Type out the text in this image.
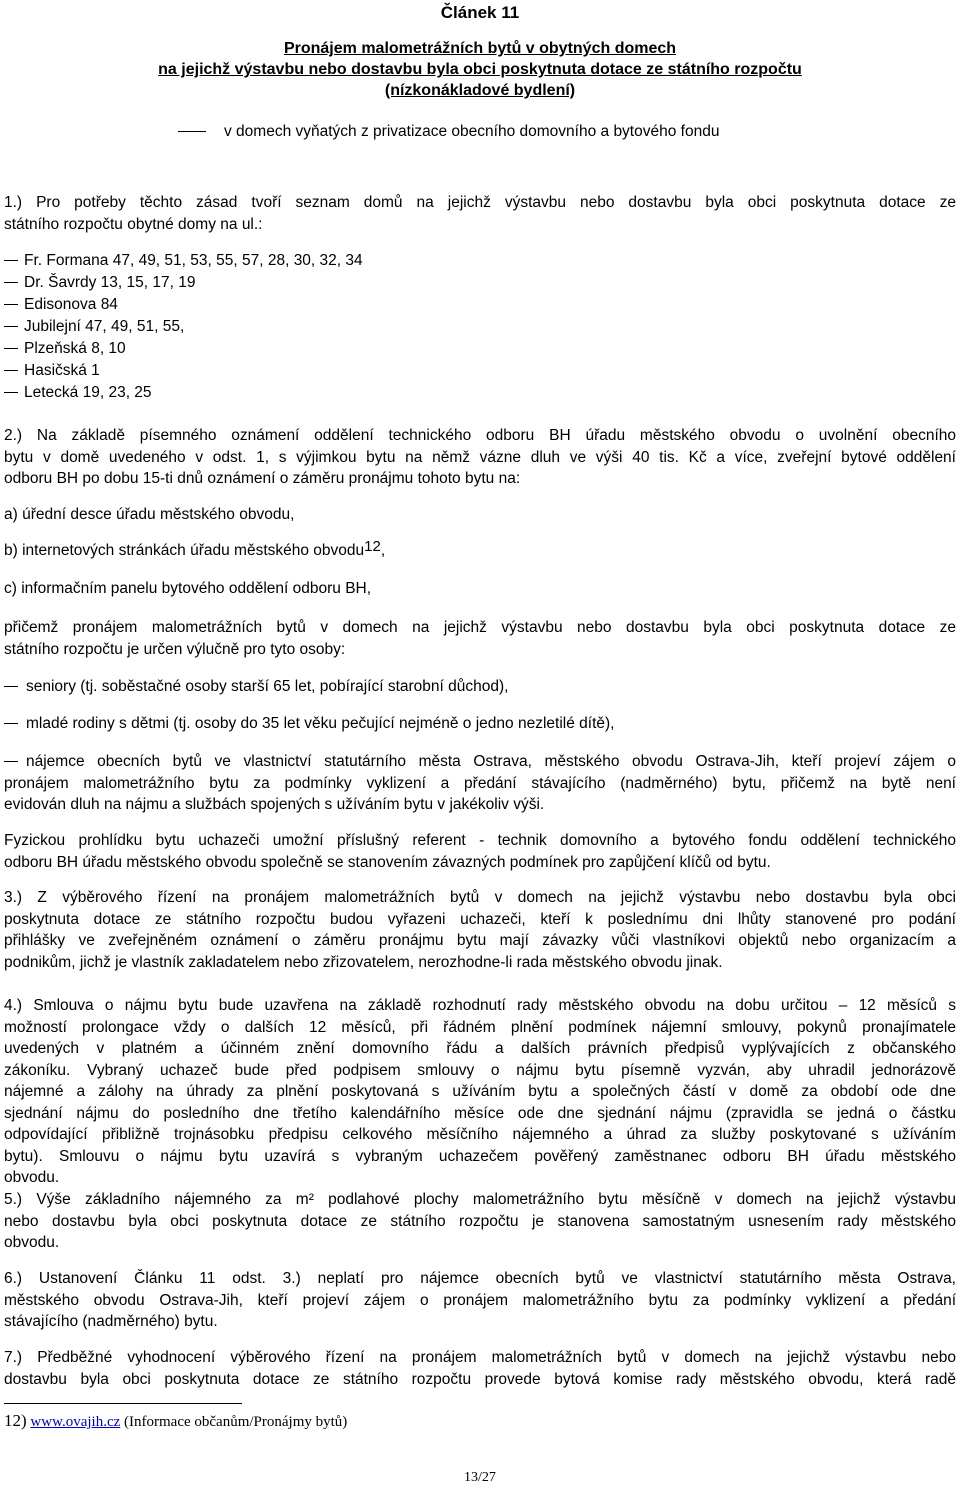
Článek 11
Pronájem malometrážních bytů v obytných domech
na jejichž výstavbu nebo dostavbu byla obci poskytnuta dotace ze státního rozpočtu
(nízkonákladové bydlení)
v domech vyňatých z privatizace obecního domovního a bytového fondu
1.) Pro potřeby těchto zásad tvoří seznam domů na jejichž výstavbu nebo dostavbu byla obci poskytnuta dotace ze
státního rozpočtu obytné domy na ul.:
Fr. Formana 47, 49, 51, 53, 55, 57, 28, 30, 32, 34
Dr. Šavrdy 13, 15, 17, 19
Edisonova 84
Jubilejní 47, 49, 51, 55,
Plzeňská 8, 10
Hasičská 1
Letecká 19, 23, 25
2.) Na základě písemného oznámení oddělení technického odboru BH úřadu městského obvodu o uvolnění obecního
bytu v domě uvedeného v odst. 1, s výjimkou bytu na němž vázne dluh ve výši 40 tis. Kč a více, zveřejní bytové oddělení
odboru BH po dobu 15-ti dnů oznámení o záměru pronájmu tohoto bytu na:
a) úřední desce úřadu městského obvodu,
b) internetových stránkách úřadu městského obvodu$^{12}$,
c) informačním panelu bytového oddělení odboru BH,
přičemž pronájem malometrážních bytů v domech na jejichž výstavbu nebo dostavbu byla obci poskytnuta dotace ze
státního rozpočtu je určen výlučně pro tyto osoby:
seniory (tj. soběstačné osoby starší 65 let, pobírající starobní důchod),
mladé rodiny s dětmi (tj. osoby do 35 let věku pečující nejméně o jedno nezletilé dítě),
nájemce obecních bytů ve vlastnictví statutárního města Ostrava, městského obvodu Ostrava-Jih, kteří projeví zájem o
pronájem malometrážního bytu za podmínky vyklizení a předání stávajícího (nadměrného) bytu, přičemž na bytě není
evidován dluh na nájmu a službách spojených s užíváním bytu v jakékoliv výši.
Fyzickou prohlídku bytu uchazeči umožní příslušný referent - technik domovního a bytového fondu oddělení technického
odboru BH úřadu městského obvodu společně se stanovením závazných podmínek pro zapůjčení klíčů od bytu.
3.) Z výběrového řízení na pronájem malometrážních bytů v domech na jejichž výstavbu nebo dostavbu byla obci
poskytnuta dotace ze státního rozpočtu budou vyřazeni uchazeči, kteří k poslednímu dni lhůty stanovené pro podání
přihlášky ve zveřejněném oznámení o záměru pronájmu bytu mají závazky vůči vlastníkovi objektů nebo organizacím a
podnikům, jichž je vlastník zakladatelem nebo zřizovatelem, nerozhodne-li rada městského obvodu jinak.
4.) Smlouva o nájmu bytu bude uzavřena na základě rozhodnutí rady městského obvodu na dobu určitou – 12 měsíců s
možností prolongace vždy o dalších 12 měsíců, při řádném plnění podmínek nájemní smlouvy, pokynů pronajímatele
uvedených v platném a účinném znění domovního řádu a dalších právních předpisů vyplývajících z občanského
zákoníku. Vybraný uchazeč bude před podpisem smlouvy o nájmu bytu písemně vyzván, aby uhradil jednorázově
nájemné a zálohy na úhrady za plnění poskytovaná s užíváním bytu a společných částí v domě za období ode dne
sjednání nájmu do posledního dne třetího kalendářního měsíce ode dne sjednání nájmu (zpravidla se jedná o částku
odpovídající přibližně trojnásobku předpisu celkového měsíčního nájemného a úhrad za služby poskytované s užíváním
bytu). Smlouvu o nájmu bytu uzavírá s vybraným uchazečem pověřený zaměstnanec odboru BH úřadu městského
obvodu.
5.) Výše základního nájemného za m² podlahové plochy malometrážního bytu měsíčně v domech na jejichž výstavbu
nebo dostavbu byla obci poskytnuta dotace ze státního rozpočtu je stanovena samostatným usnesením rady městského
obvodu.
6.) Ustanovení Článku 11 odst. 3.) neplatí pro nájemce obecních bytů ve vlastnictví statutárního města Ostrava,
městského obvodu Ostrava-Jih, kteří projeví zájem o pronájem malometrážního bytu za podmínky vyklizení a předání
stávajícího (nadměrného) bytu.
7.) Předběžné vyhodnocení výběrového řízení na pronájem malometrážních bytů v domech na jejichž výstavbu nebo
dostavbu byla obci poskytnuta dotace ze státního rozpočtu provede bytová komise rady městského obvodu, která radě
12) www.ovajih.cz (Informace občanům/Pronájmy bytů)
13/27
